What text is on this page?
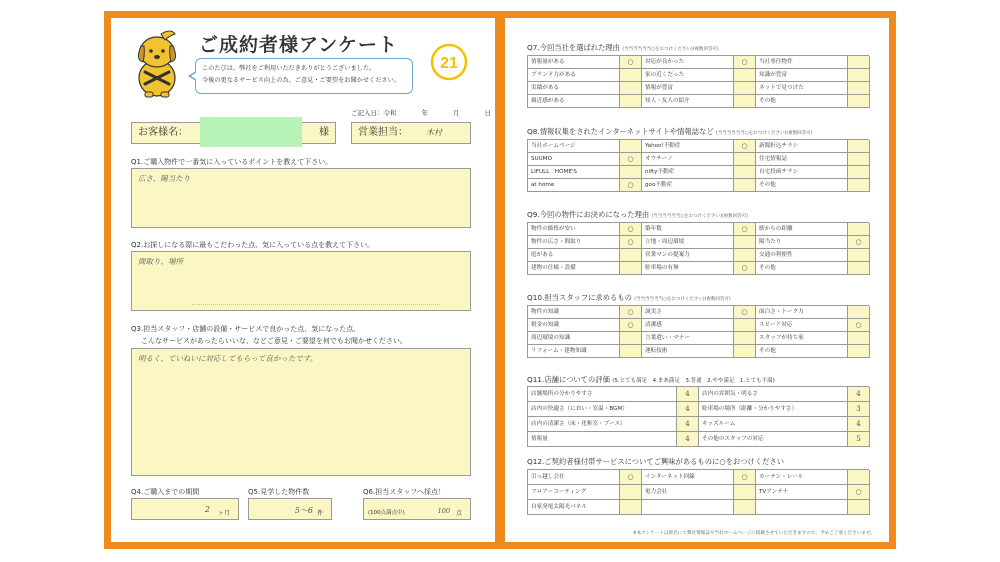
ご成約者様アンケート
このたびは、弊社をご利用いただきありがとうございました。
今後の更なるサービス向上の為、ご意見・ご要望をお聞かせください。
21
ご記入日：令和	年	月	日
お客様名：	様	営業担当： 木村
Q1.ご購入物件で一番気に入っているポイントを教えて下さい。
広さ、陽当たり
Q2.お探しになる際に最もこだわった点、気に入っている点を教えて下さい。
間取り、場所
Q3.担当スタッフ・店舗の設備・サービスで良かった点、気になった点、
こんなサービスがあったらいいな、などご意見・ご要望を何でもお聞かせください。
明るく、ていねいに対応してもらって良かったです。
Q4.ご購入までの期間	Q5.見学した物件数	Q6.担当スタッフへ採点！
2 ヶ月	5～6 件	(100点満点中)	100 点
Q7.今回当社を選ばれた理由 (当当当当当当○をおつけください)(複数回答可)
情報量がある	○	対応が良かった	○	当社専任物件
ブランド力がある	家の近くだった	知識が豊富
実績がある	情報が豊富	ネットで見つけた
親近感がある	知人・友人の紹介	その他
Q8.情報収集をされたインターネットサイトや情報誌など (当当当当当当○をおつけください)(複数回答可)
当社ホームページ	Yahoo!不動産	○	新聞折込チラシ
SUUMO	○	オウチーノ	住宅情報誌
LIFULL　HOME'S	nifty不動産	自宅投函チラシ
at home	○	goo不動産	その他
Q9.今回の物件にお決めになった理由 (当当当当当当○をおつけください)(複数回答可)
物件の価格が安い	○	築年数	○	駅からの距離
物件の広さ・間取り	○	立地・周辺環境	陽当たり	○
庭がある	営業マンの提案力	交通の利便性
建物の仕様・設備	駐車場の有無	○	その他
Q10.担当スタッフに求めるもの (当当当当当当○をおつけください)(複数回答可)
物件の知識	○	誠実さ	○	面白さ・トーク力
税金の知識	○	清潔感	スピード対応	○
周辺環境の知識	言葉遣い・マナー	スタッフが持ち家
リフォーム・建物知識	運転技術	その他
Q11.店舗についての評価 (5.とても満足　4.まあ満足　3.普通　2.やや満足　1.とても不満)
店舗場所の分かりやすさ	4	店内の雰囲気・明るさ	4
店内の快適さ（におい・室温・BGM）	4	駐車場の場所（距離・分かりやすさ）	3
店内の清潔さ（床・化粧室・ブース）	4	キッズルーム	4
情報量	4	その他のスタッフの対応	5
Q12.ご契約者様付帯サービスについてご興味があるものに○をおつけください
引っ越し会社	○	インターネット回線	○	カーテン・レール
フロアーコーティング	電力会社	TVアンテナ	○
自家発電太陽光パネル
※本アンケートは匿名にて弊社情報誌や当社ホームページに掲載させていただきますので、予めご了承くださいませ。
